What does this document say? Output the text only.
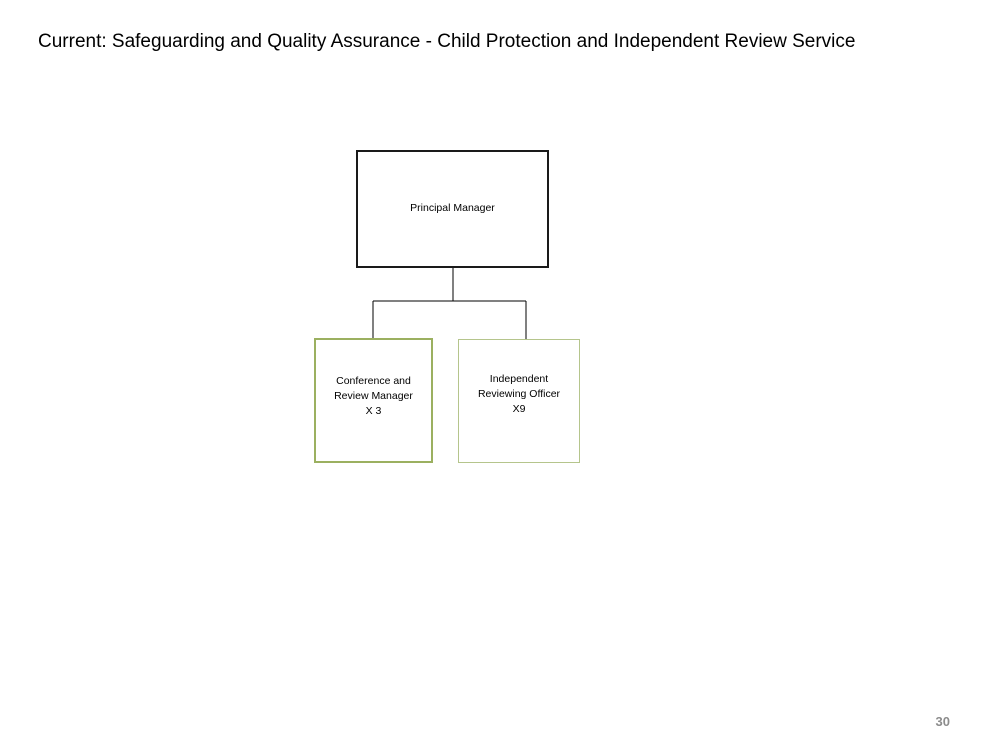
Current: Safeguarding and Quality Assurance - Child Protection and Independent Review Service
Principal Manager
Conference and
Review Manager
X 3
Independent
Reviewing Officer
X9
30
